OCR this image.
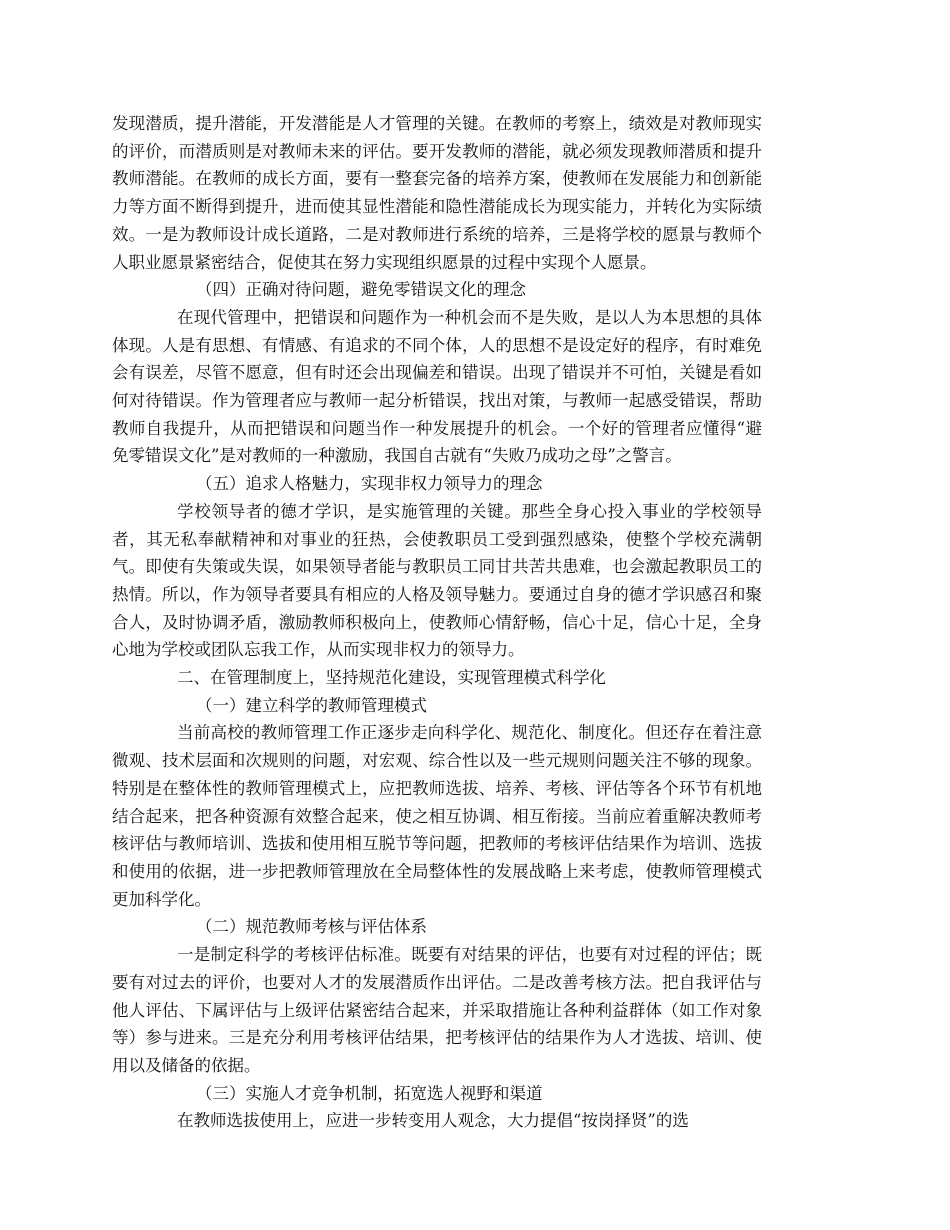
发现潜质，提升潜能，开发潜能是人才管理的关键。在教师的考察上，绩效是对教师现实的评价，而潜质则是对教师未来的评估。要开发教师的潜能，就必须发现教师潜质和提升教师潜能。在教师的成长方面，要有一整套完备的培养方案，使教师在发展能力和创新能力等方面不断得到提升，进而使其显性潜能和隐性潜能成长为现实能力，并转化为实际绩效。一是为教师设计成长道路，二是对教师进行系统的培养，三是将学校的愿景与教师个人职业愿景紧密结合，促使其在努力实现组织愿景的过程中实现个人愿景。

（四）正确对待问题，避免零错误文化的理念

在现代管理中，把错误和问题作为一种机会而不是失败，是以人为本思想的具体体现。人是有思想、有情感、有追求的不同个体，人的思想不是设定好的程序，有时难免会有误差，尽管不愿意，但有时还会出现偏差和错误。出现了错误并不可怕，关键是看如何对待错误。作为管理者应与教师一起分析错误，找出对策，与教师一起感受错误，帮助教师自我提升，从而把错误和问题当作一种发展提升的机会。一个好的管理者应懂得“避免零错误文化”是对教师的一种激励，我国自古就有“失败乃成功之母”之警言。

（五）追求人格魅力，实现非权力领导力的理念

学校领导者的德才学识，是实施管理的关键。那些全身心投入事业的学校领导者，其无私奉献精神和对事业的狂热，会使教职员工受到强烈感染，使整个学校充满朝气。即使有失策或失误，如果领导者能与教职员工同甘共苦共患难，也会激起教职员工的热情。所以，作为领导者要具有相应的人格及领导魅力。要通过自身的德才学识感召和聚合人，及时协调矛盾，激励教师积极向上，使教师心情舒畅，信心十足，信心十足，全身心地为学校或团队忘我工作，从而实现非权力的领导力。

二、在管理制度上，坚持规范化建设，实现管理模式科学化

（一）建立科学的教师管理模式

当前高校的教师管理工作正逐步走向科学化、规范化、制度化。但还存在着注意微观、技术层面和次规则的问题，对宏观、综合性以及一些元规则问题关注不够的现象。特别是在整体性的教师管理模式上，应把教师选拔、培养、考核、评估等各个环节有机地结合起来，把各种资源有效整合起来，使之相互协调、相互衔接。当前应着重解决教师考核评估与教师培训、选拔和使用相互脱节等问题，把教师的考核评估结果作为培训、选拔和使用的依据，进一步把教师管理放在全局整体性的发展战略上来考虑，使教师管理模式更加科学化。

（二）规范教师考核与评估体系

一是制定科学的考核评估标准。既要有对结果的评估，也要有对过程的评估；既要有对过去的评价，也要对人才的发展潜质作出评估。二是改善考核方法。把自我评估与他人评估、下属评估与上级评估紧密结合起来，并采取措施让各种利益群体（如工作对象等）参与进来。三是充分利用考核评估结果，把考核评估的结果作为人才选拔、培训、使用以及储备的依据。

（三）实施人才竞争机制，拓宽选人视野和渠道

在教师选拔使用上，应进一步转变用人观念，大力提倡“按岗择贤”的选
